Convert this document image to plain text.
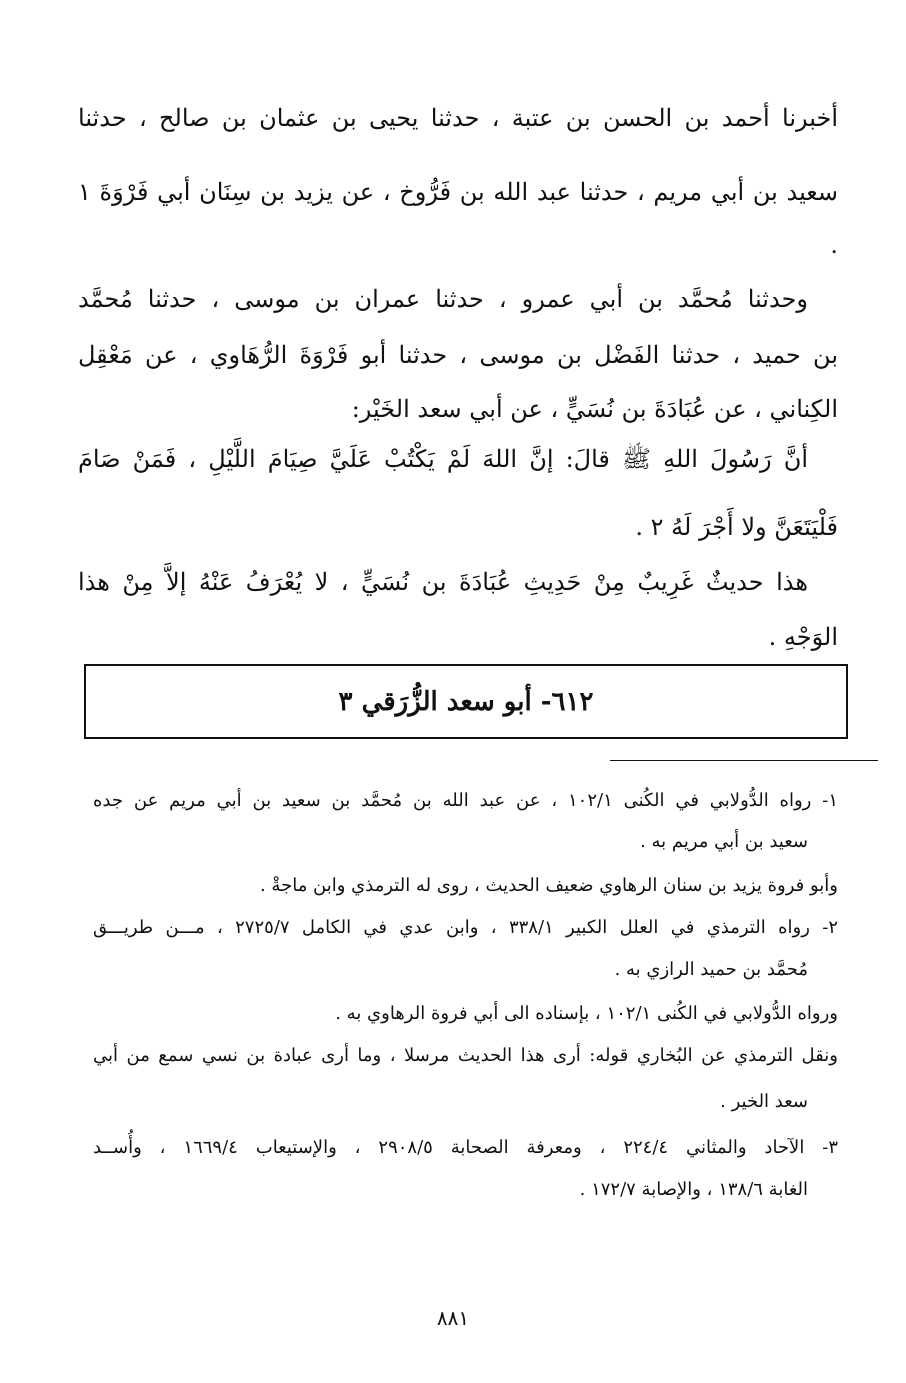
أخبرنا أحمد بن الحسن بن عتبة ، حدثنا يحيى بن عثمان بن صالح ، حدثنا
سعيد بن أبي مريم ، حدثنا عبد الله بن فَرُّوخ ، عن يزيد بن سِنَان أبي فَرْوَةَ ١
.
وحدثنا مُحمَّد بن أبي عمرو ، حدثنا عمران بن موسى ، حدثنا مُحمَّد
بن حميد ، حدثنا الفَضْل بن موسى ، حدثنا أبو فَرْوَةَ الرُّهَاوي ، عن مَعْقِل
الكِناني ، عن عُبَادَةَ بن نُسَيٍّ ، عن أبي سعد الخَيْر:
أنَّ رَسُولَ اللهِ ﷺ قالَ: إنَّ اللهَ لَمْ يَكْتُبْ عَلَيَّ صِيَامَ اللَّيْلِ ، فَمَنْ صَامَ
فَلْيَتَعَنَّ ولا أَجْرَ لَهُ ٢ .
هذا حديثٌ غَرِيبٌ مِنْ حَدِيثِ عُبَادَةَ بن نُسَيٍّ ، لا يُعْرَفُ عَنْهُ إلاَّ مِنْ هذا
الوَجْهِ .
٦١٢- أبو سعد الزُّرَقي ٣
١- رواه الدُّولابي في الكُنى ١٠٢/١ ، عن عبد الله بن مُحمَّد بن سعيد بن أبي مريم عن جده
سعيد بن أبي مريم به .
وأبو فروة يزيد بن سنان الرهاوي ضعيف الحديث ، روى له الترمذي وابن ماجةْ .
٢- رواه الترمذي في العلل الكبير ٣٣٨/١ ، وابن عدي في الكامل ٢٧٢٥/٧ ، مـــن طريـــق
مُحمَّد بن حميد الرازي به .
ورواه الدُّولابي في الكُنى ١٠٢/١ ، بإسناده الى أبي فروة الرهاوي به .
ونقل الترمذي عن البُخاري قوله: أرى هذا الحديث مرسلا ، وما أرى عبادة بن نسي سمع من أبي
سعد الخير .
٣- الآحاد والمثاني ٢٢٤/٤ ، ومعرفة الصحابة ٢٩٠٨/٥ ، والإستيعاب ١٦٦٩/٤ ، وأُســد
الغابة ١٣٨/٦ ، والإصابة ١٧٢/٧ .
٨٨١
